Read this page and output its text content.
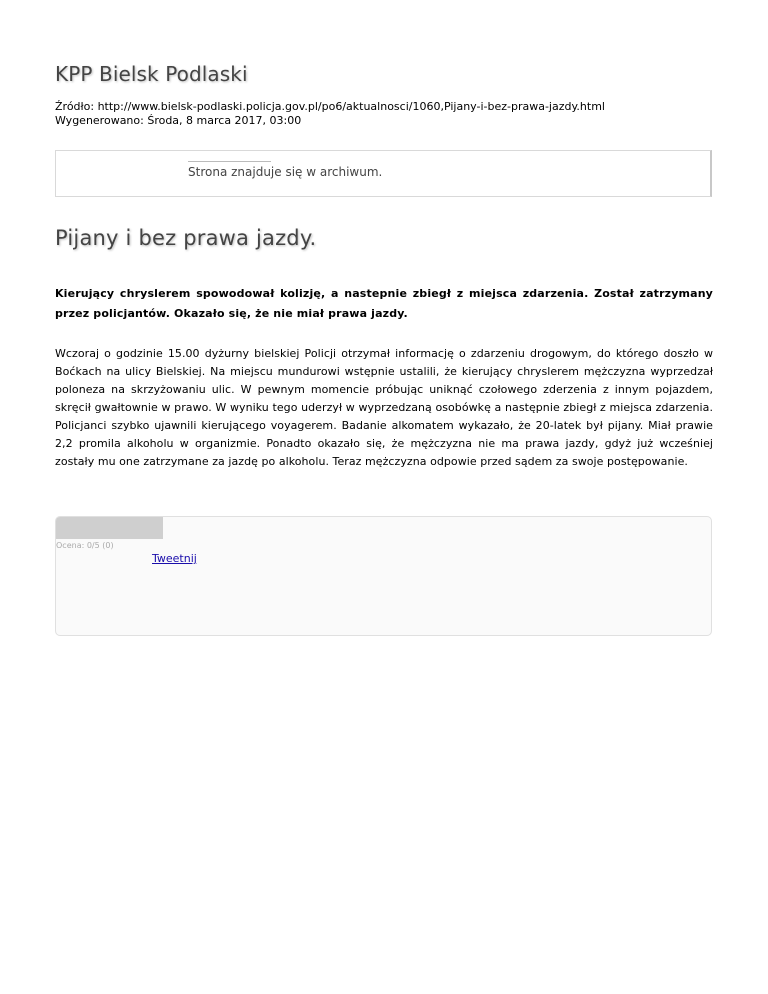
KPP Bielsk Podlaski
Źródło: http://www.bielsk-podlaski.policja.gov.pl/po6/aktualnosci/1060,Pijany-i-bez-prawa-jazdy.html
Wygenerowano: Środa, 8 marca 2017, 03:00
Strona znajduje się w archiwum.
Pijany i bez prawa jazdy.

Kierujący chryslerem spowodował kolizję, a nastepnie zbiegł z miejsca zdarzenia. Został zatrzymany przez policjantów. Okazało się, że nie miał prawa jazdy.

Wczoraj o godzinie 15.00 dyżurny bielskiej Policji otrzymał informację o zdarzeniu drogowym, do którego doszło w Boćkach na ulicy Bielskiej. Na miejscu mundurowi wstępnie ustalili, że kierujący chryslerem mężczyzna wyprzedzał poloneza na skrzyżowaniu ulic. W pewnym momencie próbując uniknąć czołowego zderzenia z innym pojazdem, skręcił gwałtownie w prawo. W wyniku tego uderzył w wyprzedzaną osobówkę a następnie zbiegł z miejsca zdarzenia. Policjanci szybko ujawnili kierującego voyagerem. Badanie alkomatem wykazało, że 20-latek był pijany. Miał prawie 2,2 promila alkoholu w organizmie. Ponadto okazało się, że mężczyzna nie ma prawa jazdy, gdyż już wcześniej zostały mu one zatrzymane za jazdę po alkoholu. Teraz mężczyzna odpowie przed sądem za swoje postępowanie.

Ocena: 0/5 (0)
Tweetnij
